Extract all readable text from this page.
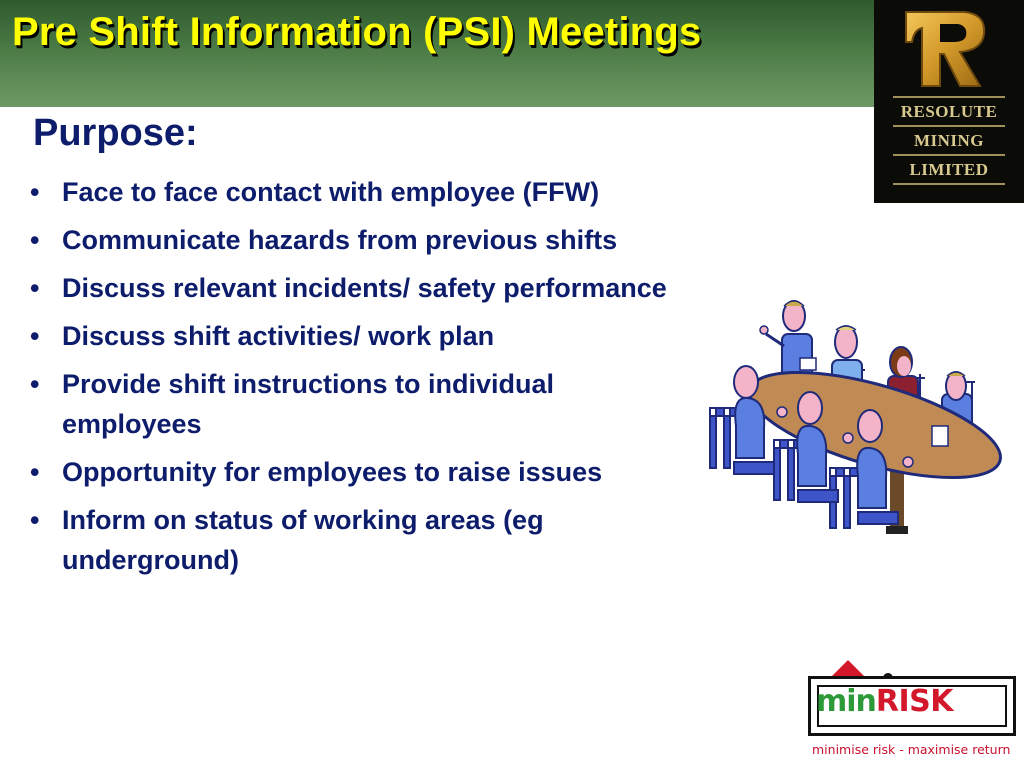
Pre Shift Information (PSI) Meetings
RESOLUTE
MINING
LIMITED
Purpose:
• Face to face contact with employee (FFW)
• Communicate hazards from previous shifts
• Discuss relevant incidents/ safety performance
• Discuss shift activities/ work plan
• Provide shift instructions to individual employees
• Opportunity for employees to raise issues
• Inform on status of working areas (eg underground)
minRISK
minimise risk - maximise return
